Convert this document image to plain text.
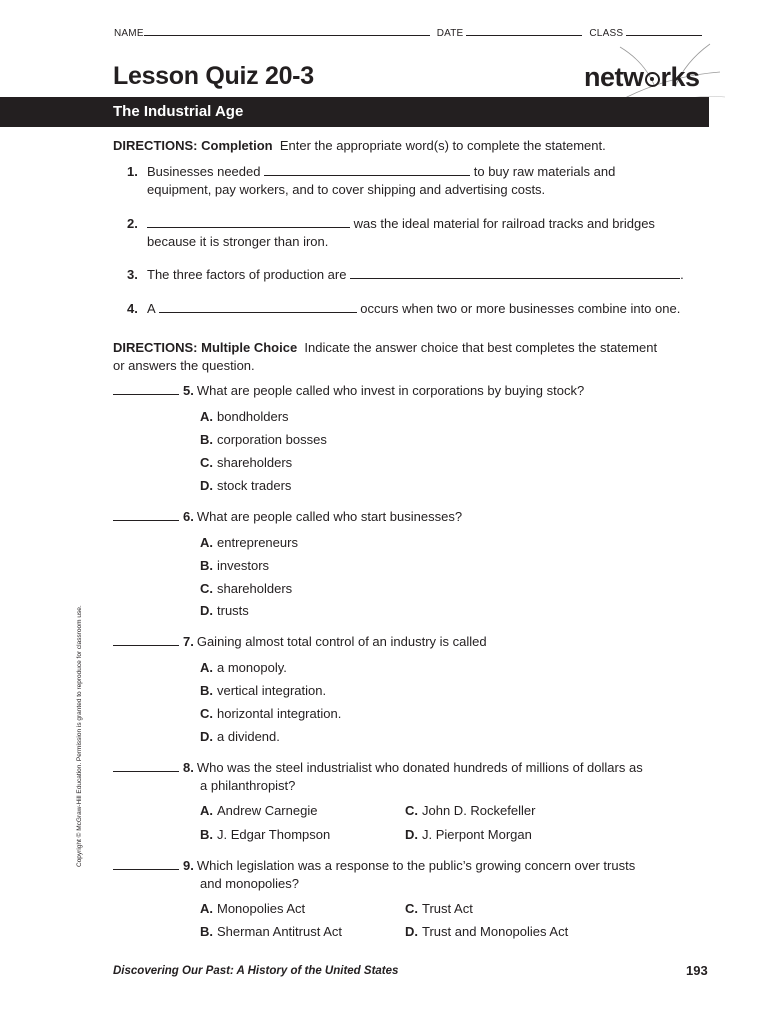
NAME	DATE	CLASS
Lesson Quiz 20-3	netw rks
The Industrial Age
DIRECTIONS: Completion Enter the appropriate word(s) to complete the statement.
1. Businesses needed	to buy raw materials and
equipment, pay workers, and to cover shipping and advertising costs.
2.	was the ideal material for railroad tracks and bridges
because it is stronger than iron.
3. The three factors of production are	.
4. A	occurs when two or more businesses combine into one.
DIRECTIONS: Multiple Choice Indicate the answer choice that best completes the statement
or answers the question.
5. What are people called who invest in corporations by buying stock?
A. bondholders
B. corporation bosses
C. shareholders
D. stock traders
6. What are people called who start businesses?
A. entrepreneurs
B. investors
C. shareholders
D. trusts
7. Gaining almost total control of an industry is called
A. a monopoly.
B. vertical integration.
C. horizontal integration.
D. a dividend.
8. Who was the steel industrialist who donated hundreds of millions of dollars as
a philanthropist?
A. Andrew Carnegie
B. J. Edgar Thompson
C. John D. Rockefeller
D. J. Pierpont Morgan
9. Which legislation was a response to the public’s growing concern over trusts
and monopolies?
A. Monopolies Act
B. Sherman Antitrust Act
C. Trust Act
D. Trust and Monopolies Act
Copyright © McGraw-Hill Education. Permission is granted to reproduce for classroom use.
Discovering Our Past: A History of the United States	193
